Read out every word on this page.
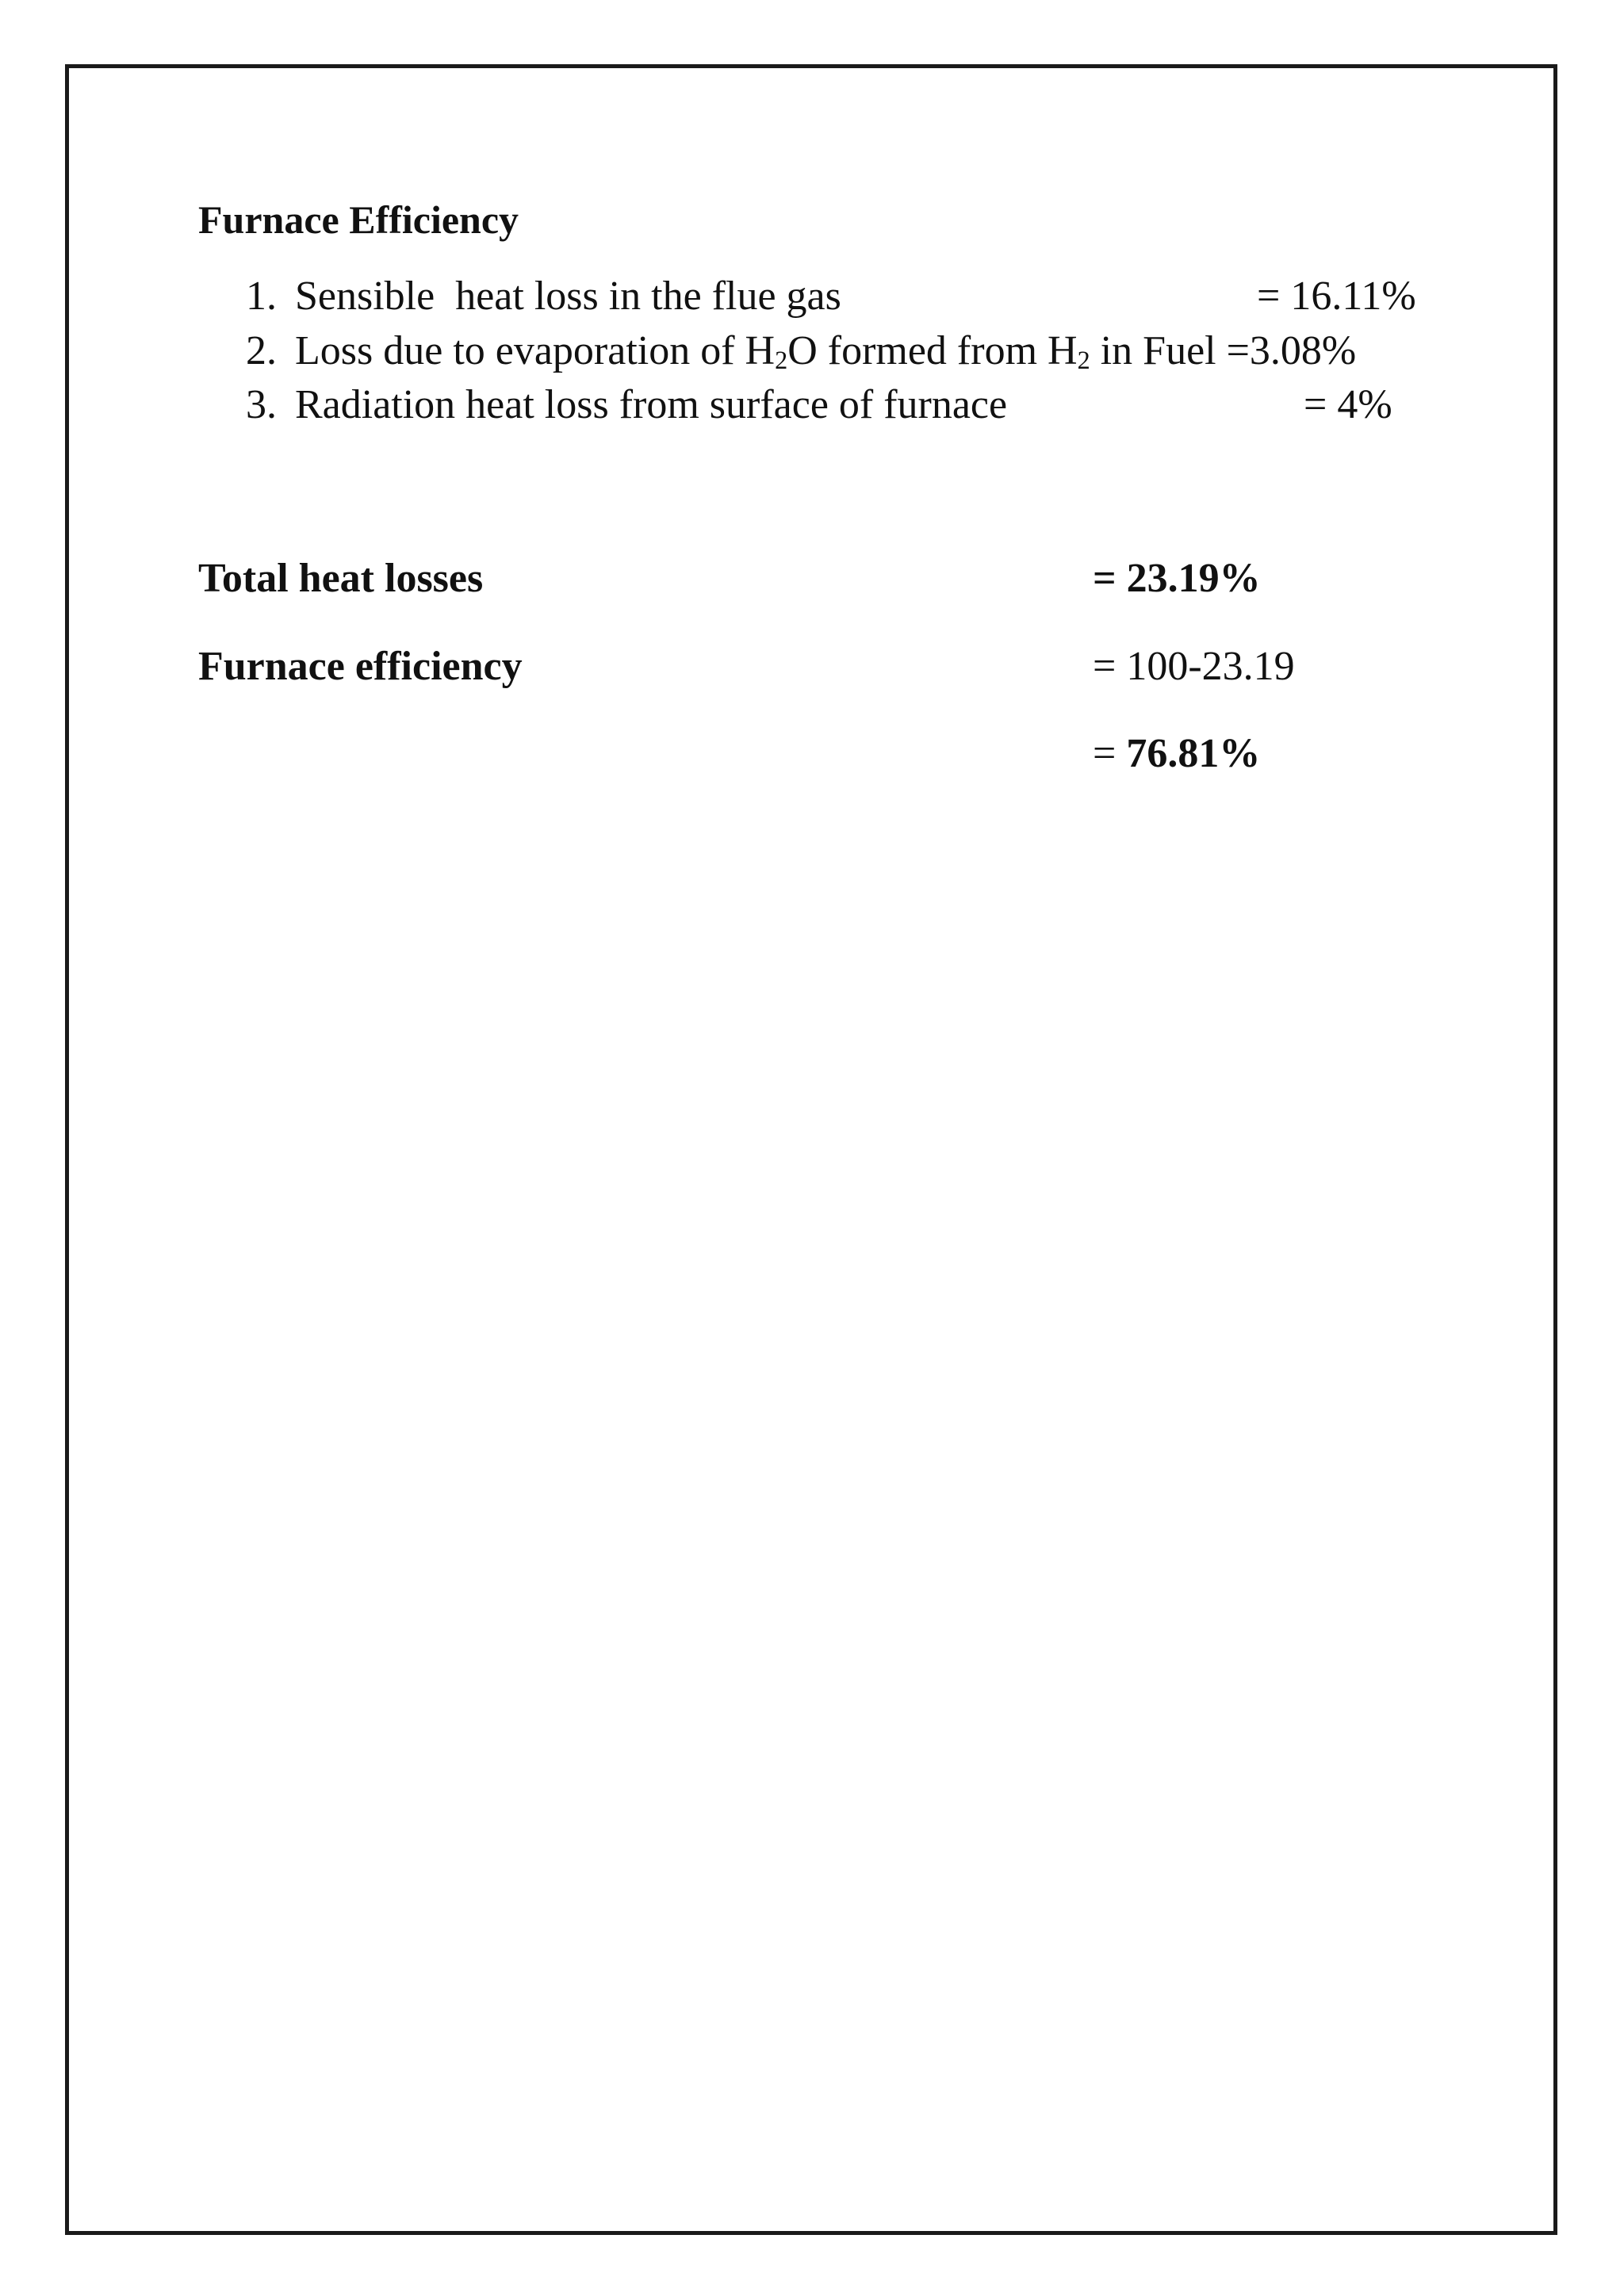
Furnace Efficiency
1. Sensible  heat loss in the flue gas	= 16.11%
2. Loss due to evaporation of $H_2O$ formed from $H_2$ in Fuel =3.08%
3. Radiation heat loss from surface of furnace	= 4%
Total heat losses	= 23.19%
Furnace efficiency	= 100-23.19
= 76.81%
